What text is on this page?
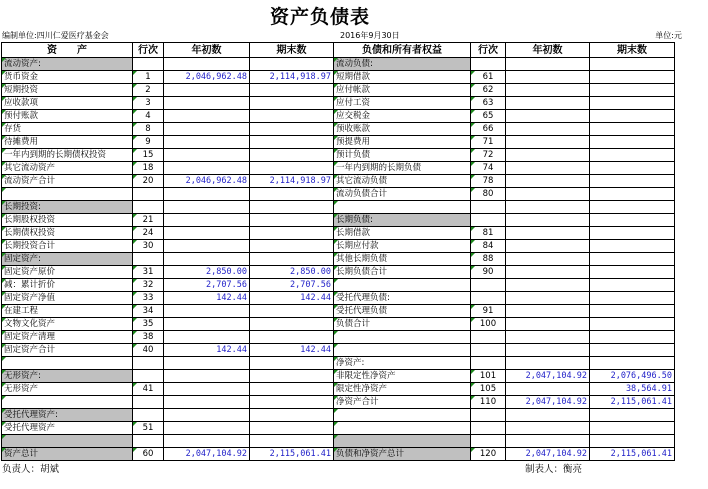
资产负债表
编制单位:四川仁爱医疗基金会	2016年9月30日	单位:元
资　　产	行次	年初数	期末数	负债和所有者权益	行次	年初数	期末数
流动资产:				流动负债:			
货币资金	1	2,046,962.48	2,114,918.97	短期借款	61		
短期投资	2			应付帐款	62		
应收款项	3			应付工资	63		
预付账款	4			应交税金	65		
存货	8			预收账款	66		
待摊费用	9			预提费用	71		
一年内到期的长期债权投资	15			预计负债	72		
其它流动资产	18			一年内到期的长期负债	74		
流动资产合计	20	2,046,962.48	2,114,918.97	其它流动负债	78		
				流动负债合计	80		
长期投资:							
长期股权投资	21			长期负债:			
长期债权投资	24			长期借款	81		
长期投资合计	30			长期应付款	84		
固定资产:				其他长期负债	88		
固定资产原价	31	2,850.00	2,850.00	长期负债合计	90		
减：累计折价	32	2,707.56	2,707.56				
固定资产净值	33	142.44	142.44	受托代理负债:			
在建工程	34			受托代理负债	91		
文物文化资产	35			负债合计	100		
固定资产清理	38						
固定资产合计	40	142.44	142.44				
				净资产:			
无形资产:				非限定性净资产	101	2,047,104.92	2,076,496.50
无形资产	41			限定性净资产	105		38,564.91
				净资产合计	110	2,047,104.92	2,115,061.41
受托代理资产:							
受托代理资产	51						

资产总计	60	2,047,104.92	2,115,061.41	负债和净资产总计	120	2,047,104.92	2,115,061.41
负责人：胡斌	制表人：衡亮
